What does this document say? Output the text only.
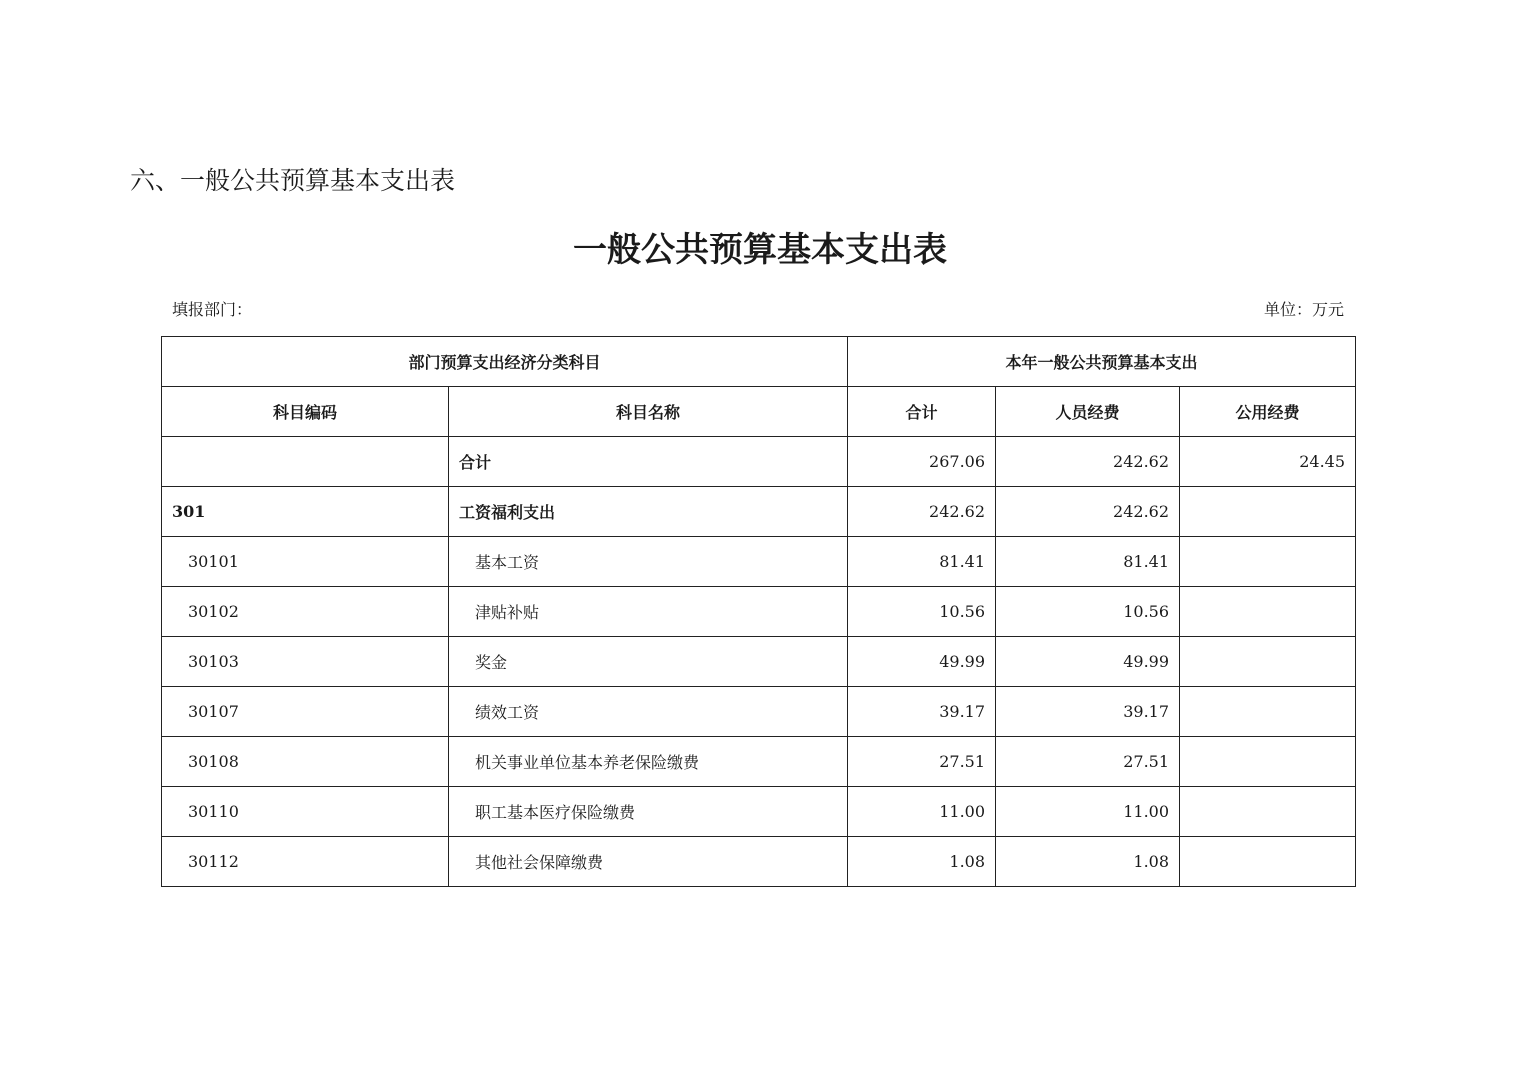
六、一般公共预算基本支出表
一般公共预算基本支出表
填报部门：	单位：万元
部门预算支出经济分类科目		本年一般公共预算基本支出		
科目编码	科目名称	合计	人员经费	公用经费
	合计	267.06	242.62	24.45
301	工资福利支出	242.62	242.62	
30101	基本工资	81.41	81.41	
30102	津贴补贴	10.56	10.56	
30103	奖金	49.99	49.99	
30107	绩效工资	39.17	39.17	
30108	机关事业单位基本养老保险缴费	27.51	27.51	
30110	职工基本医疗保险缴费	11.00	11.00	
30112	其他社会保障缴费	1.08	1.08	
